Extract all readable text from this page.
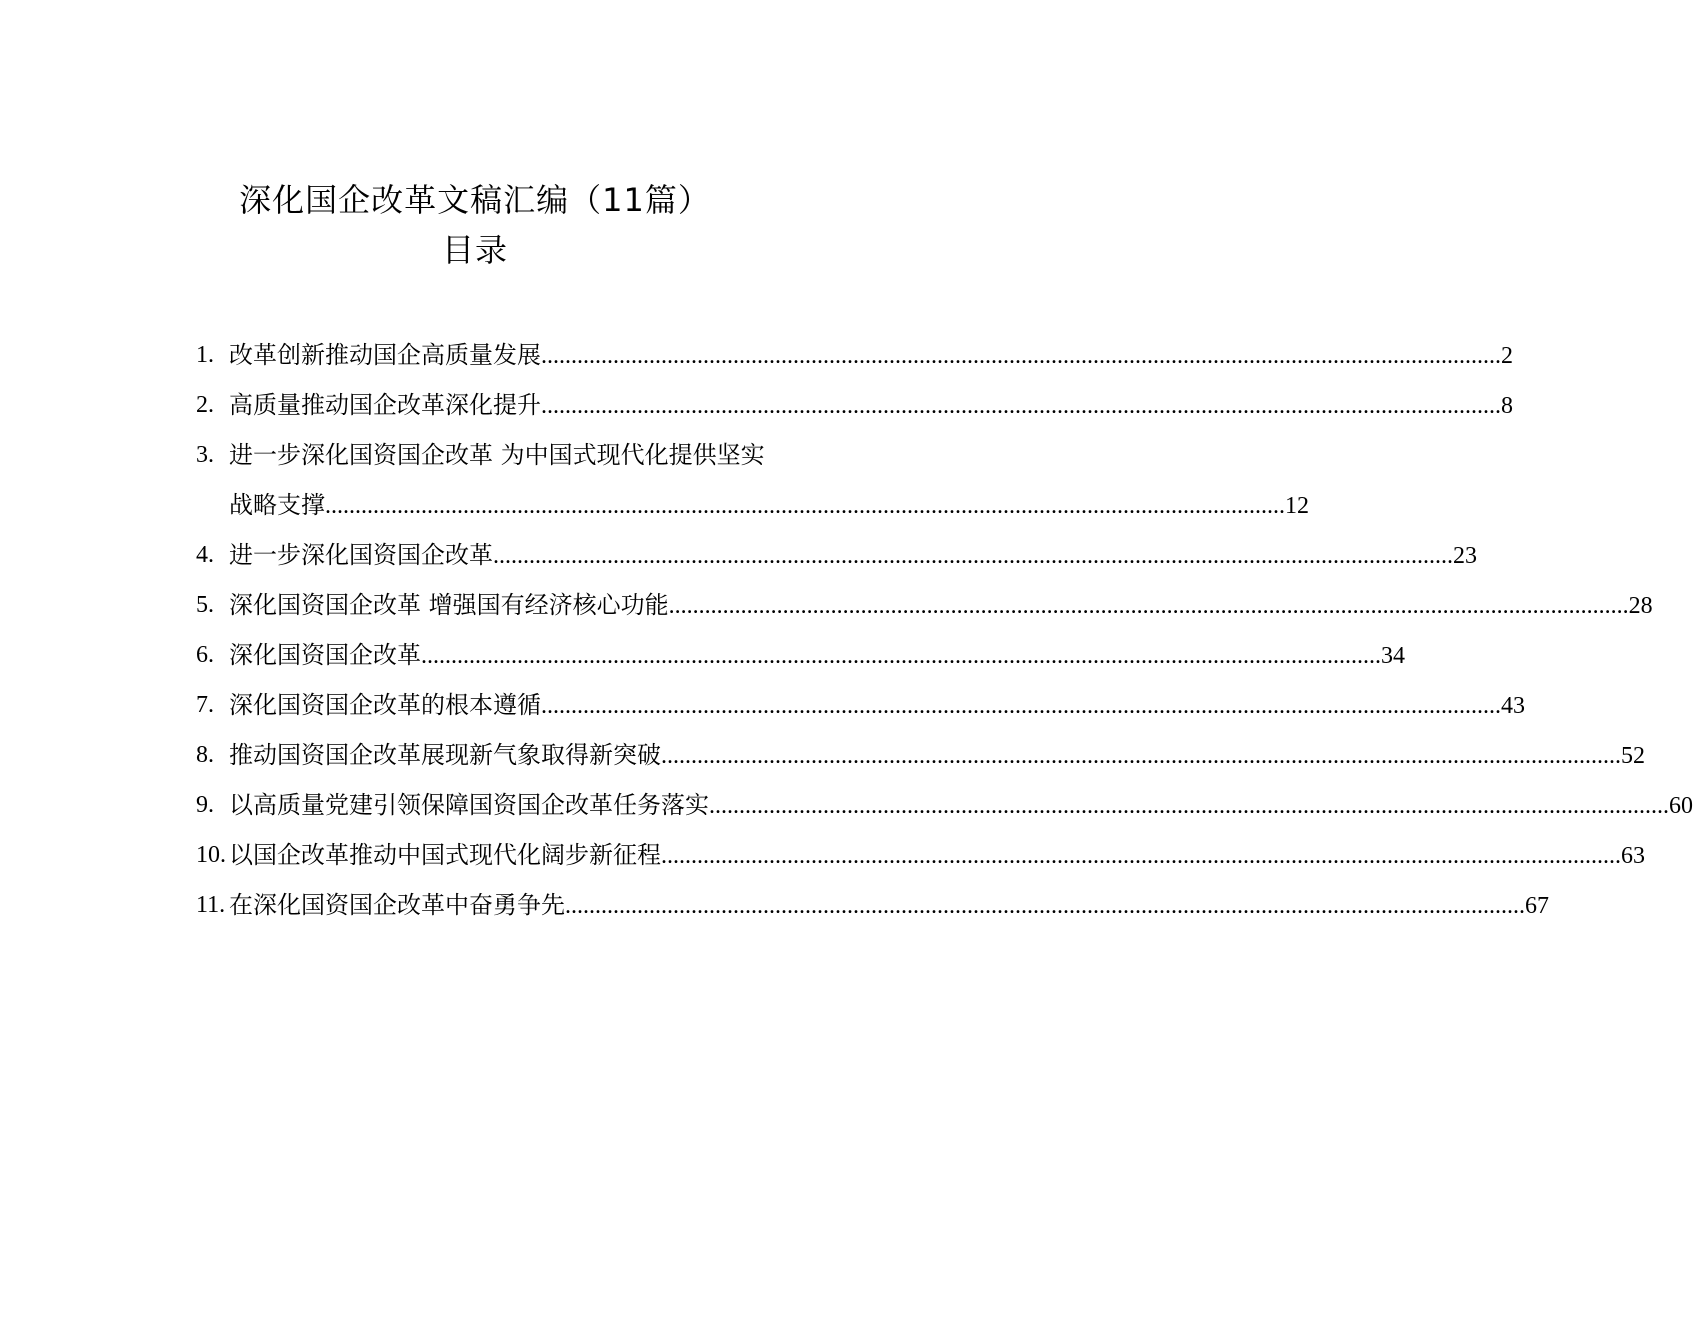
深化国企改革文稿汇编（11篇）
目录
1. 改革创新推动国企高质量发展 .....	2
2. 高质量推动国企改革深化提升 .....	8
3. 进一步深化国资国企改革 为中国式现代化提供坚实
战略支撑 .....	12
4. 进一步深化国资国企改革 .....	23
5. 深化国资国企改革 增强国有经济核心功能 .....	28
6. 深化国资国企改革 .....	34
7. 深化国资国企改革的根本遵循 .....	43
8. 推动国资国企改革展现新气象取得新突破 .....	52
9. 以高质量党建引领保障国资国企改革任务落实 .....	60
10. 以国企改革推动中国式现代化阔步新征程 .....	63
11. 在深化国资国企改革中奋勇争先 .....	67
